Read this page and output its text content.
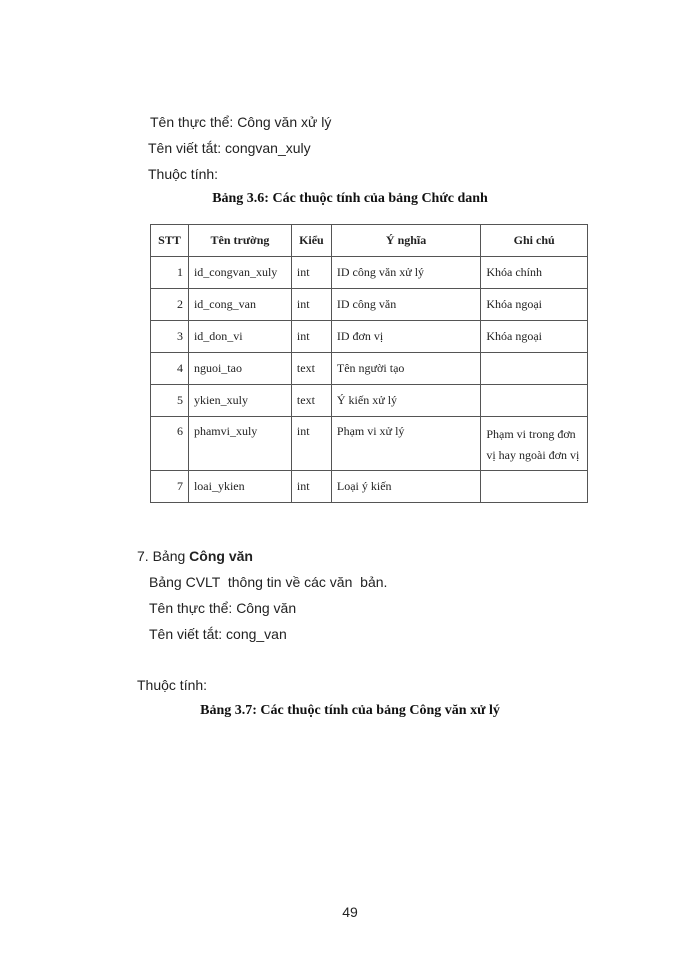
Tên thực thể: Công văn xử lý
Tên viết tắt: congvan_xuly
Thuộc tính:
Bảng 3.6: Các thuộc tính của bảng Chức danh
STT	Tên trường	Kiểu	Ý nghĩa	Ghi chú
1	id_congvan_xuly	int	ID công văn xử lý	Khóa chính
2	id_cong_van	int	ID công văn	Khóa ngoại
3	id_don_vi	int	ID đơn vị	Khóa ngoại
4	nguoi_tao	text	Tên người tạo	
5	ykien_xuly	text	Ý kiến xử lý	
6	phamvi_xuly	int	Phạm vi xử lý	Phạm vi trong đơn vị hay ngoài đơn vị
7	loai_ykien	int	Loại ý kiến	
7. Bảng Công văn
Bảng CVLT  thông tin về các văn  bản.
Tên thực thể: Công văn
Tên viết tắt: cong_van
Thuộc tính:
Bảng 3.7: Các thuộc tính của bảng Công văn xử lý
49
